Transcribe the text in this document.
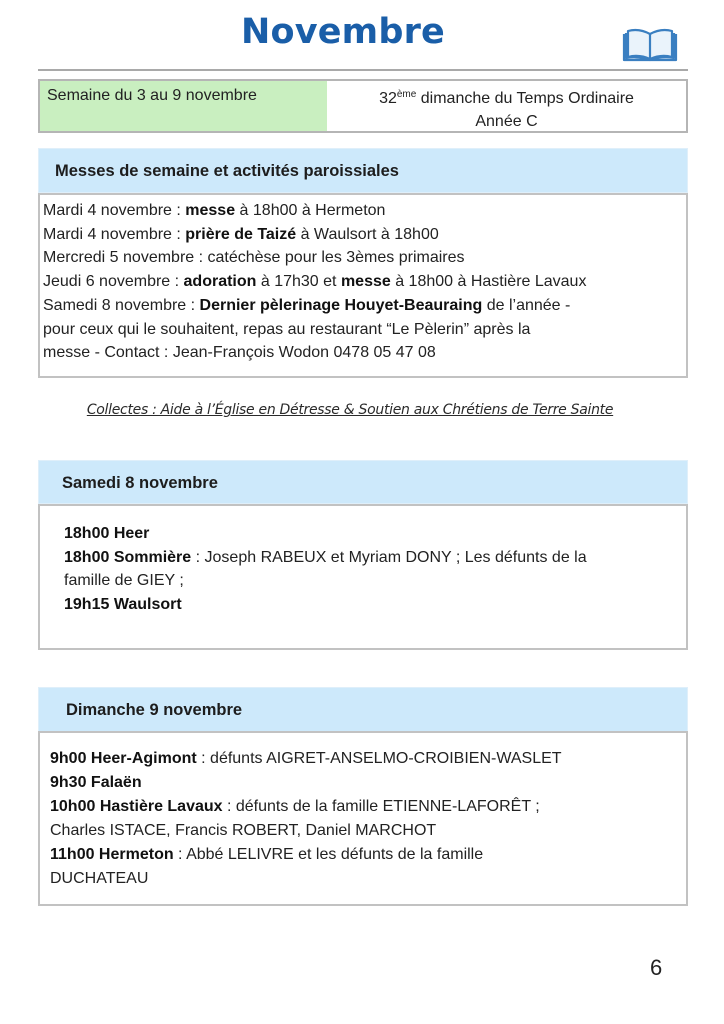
Novembre
Semaine du 3 au 9 novembre	32ème dimanche du Temps Ordinaire
Année C
Messes de semaine et activités paroissiales
Mardi 4 novembre : messe à 18h00 à Hermeton
Mardi 4 novembre : prière de Taizé à Waulsort à 18h00
Mercredi 5 novembre : catéchèse pour les 3èmes primaires
Jeudi 6 novembre : adoration à 17h30 et messe à 18h00 à Hastière Lavaux
Samedi 8 novembre : Dernier pèlerinage Houyet-Beauraing de l’année -
pour ceux qui le souhaitent, repas au restaurant “Le Pèlerin” après la
messe - Contact : Jean-François Wodon 0478 05 47 08
Collectes : Aide à l’Église en Détresse & Soutien aux Chrétiens de Terre Sainte
Samedi 8 novembre
18h00 Heer
18h00 Sommière : Joseph RABEUX et Myriam DONY ; Les défunts de la
famille de GIEY ;
19h15 Waulsort
Dimanche 9 novembre
9h00 Heer-Agimont : défunts AIGRET-ANSELMO-CROIBIEN-WASLET
9h30 Falaën
10h00 Hastière Lavaux : défunts de la famille ETIENNE-LAFORÊT ;
Charles ISTACE, Francis ROBERT, Daniel MARCHOT
11h00 Hermeton : Abbé LELIVRE et les défunts de la famille
DUCHATEAU
6
